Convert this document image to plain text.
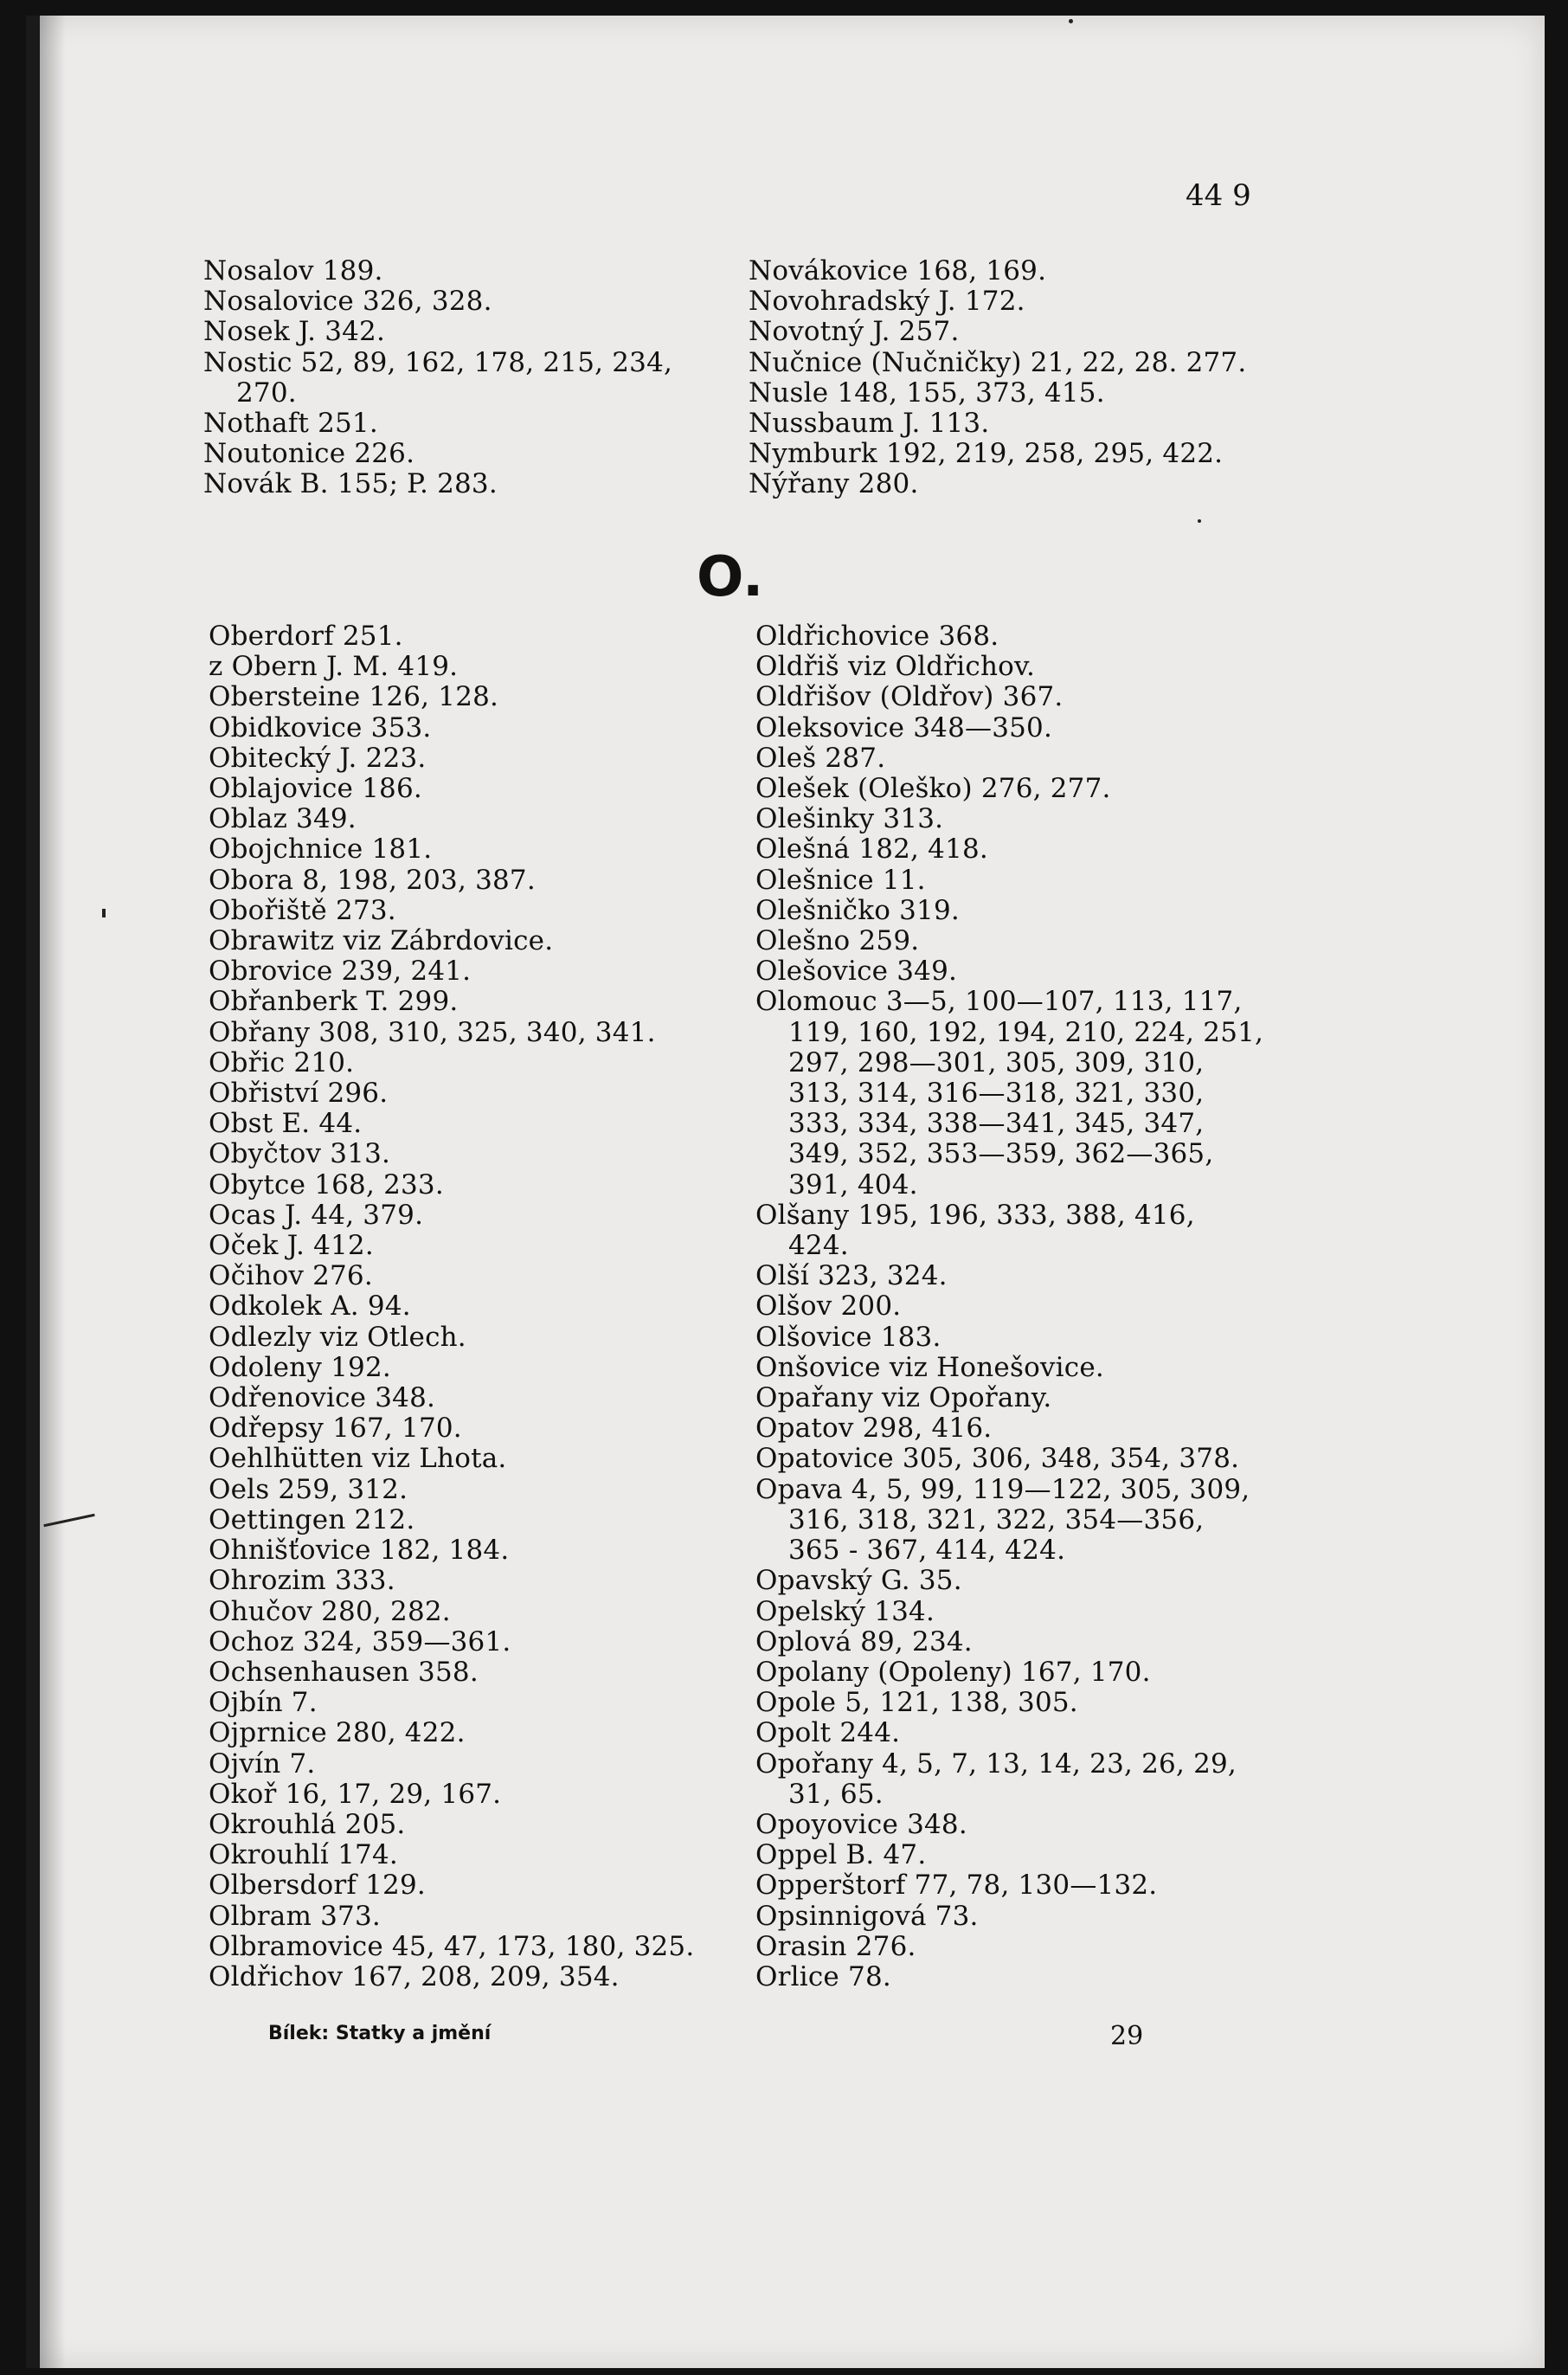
44 9
Nosalov 189.
Nosalovice 326, 328.
Nosek J. 342.
Nostic 52, 89, 162, 178, 215, 234,
270.
Nothaft 251.
Noutonice 226.
Novák B. 155; P. 283.
Novákovice 168, 169.
Novohradský J. 172.
Novotný J. 257.
Nučnice (Nučničky) 21, 22, 28. 277.
Nusle 148, 155, 373, 415.
Nussbaum J. 113.
Nymburk 192, 219, 258, 295, 422.
Nýřany 280.
O.
Oberdorf 251.
z Obern J. M. 419.
Obersteine 126, 128.
Obidkovice 353.
Obitecký J. 223.
Oblajovice 186.
Oblaz 349.
Obojchnice 181.
Obora 8, 198, 203, 387.
Obořiště 273.
Obrawitz viz Zábrdovice.
Obrovice 239, 241.
Obřanberk T. 299.
Obřany 308, 310, 325, 340, 341.
Obřic 210.
Obřiství 296.
Obst E. 44.
Obyčtov 313.
Obytce 168, 233.
Ocas J. 44, 379.
Oček J. 412.
Očihov 276.
Odkolek A. 94.
Odlezly viz Otlech.
Odoleny 192.
Odřenovice 348.
Odřepsy 167, 170.
Oehlhütten viz Lhota.
Oels 259, 312.
Oettingen 212.
Ohnišťovice 182, 184.
Ohrozim 333.
Ohučov 280, 282.
Ochoz 324, 359—361.
Ochsenhausen 358.
Ojbín 7.
Ojprnice 280, 422.
Ojvín 7.
Okoř 16, 17, 29, 167.
Okrouhlá 205.
Okrouhlí 174.
Olbersdorf 129.
Olbram 373.
Olbramovice 45, 47, 173, 180, 325.
Oldřichov 167, 208, 209, 354.
Oldřichovice 368.
Oldřiš viz Oldřichov.
Oldřišov (Oldřov) 367.
Oleksovice 348—350.
Oleš 287.
Olešek (Oleško) 276, 277.
Olešinky 313.
Olešná 182, 418.
Olešnice 11.
Olešničko 319.
Olešno 259.
Olešovice 349.
Olomouc 3—5, 100—107, 113, 117,
119, 160, 192, 194, 210, 224, 251,
297, 298—301, 305, 309, 310,
313, 314, 316—318, 321, 330,
333, 334, 338—341, 345, 347,
349, 352, 353—359, 362—365,
391, 404.
Olšany 195, 196, 333, 388, 416,
424.
Olší 323, 324.
Olšov 200.
Olšovice 183.
Onšovice viz Honešovice.
Opařany viz Opořany.
Opatov 298, 416.
Opatovice 305, 306, 348, 354, 378.
Opava 4, 5, 99, 119—122, 305, 309,
316, 318, 321, 322, 354—356,
365 - 367, 414, 424.
Opavský G. 35.
Opelský 134.
Oplová 89, 234.
Opolany (Opoleny) 167, 170.
Opole 5, 121, 138, 305.
Opolt 244.
Opořany 4, 5, 7, 13, 14, 23, 26, 29,
31, 65.
Opoyovice 348.
Oppel B. 47.
Opperštorf 77, 78, 130—132.
Opsinnigová 73.
Orasin 276.
Orlice 78.
Bílek: Statky a jmění	29
